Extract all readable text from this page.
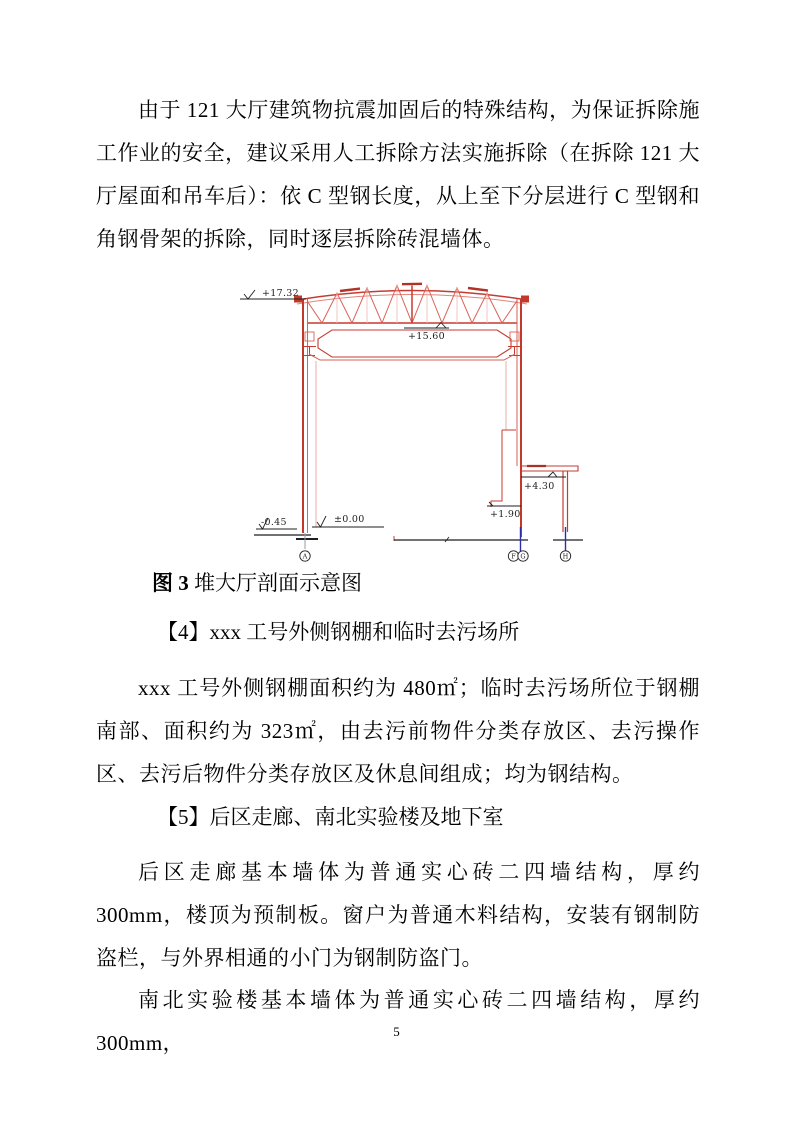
由于 121 大厅建筑物抗震加固后的特殊结构，为保证拆除施工作业的安全，建议采用人工拆除方法实施拆除（在拆除 121 大厅屋面和吊车后）：依 C 型钢长度，从上至下分层进行 C 型钢和角钢骨架的拆除，同时逐层拆除砖混墙体。
A	F G	H
+17.32
+15.60
+4.30
+1.90
±0.00
-0.45
图 3 堆大厅剖面示意图
【4】xxx 工号外侧钢棚和临时去污场所
xxx 工号外侧钢棚面积约为 480㎡；临时去污场所位于钢棚南部、面积约为 323㎡，由去污前物件分类存放区、去污操作区、去污后物件分类存放区及休息间组成；均为钢结构。
【5】后区走廊、南北实验楼及地下室
后区走廊基本墙体为普通实心砖二四墙结构，厚约 300mm，楼顶为预制板。窗户为普通木料结构，安装有钢制防盗栏，与外界相通的小门为钢制防盗门。
南北实验楼基本墙体为普通实心砖二四墙结构，厚约 300mm，	5
